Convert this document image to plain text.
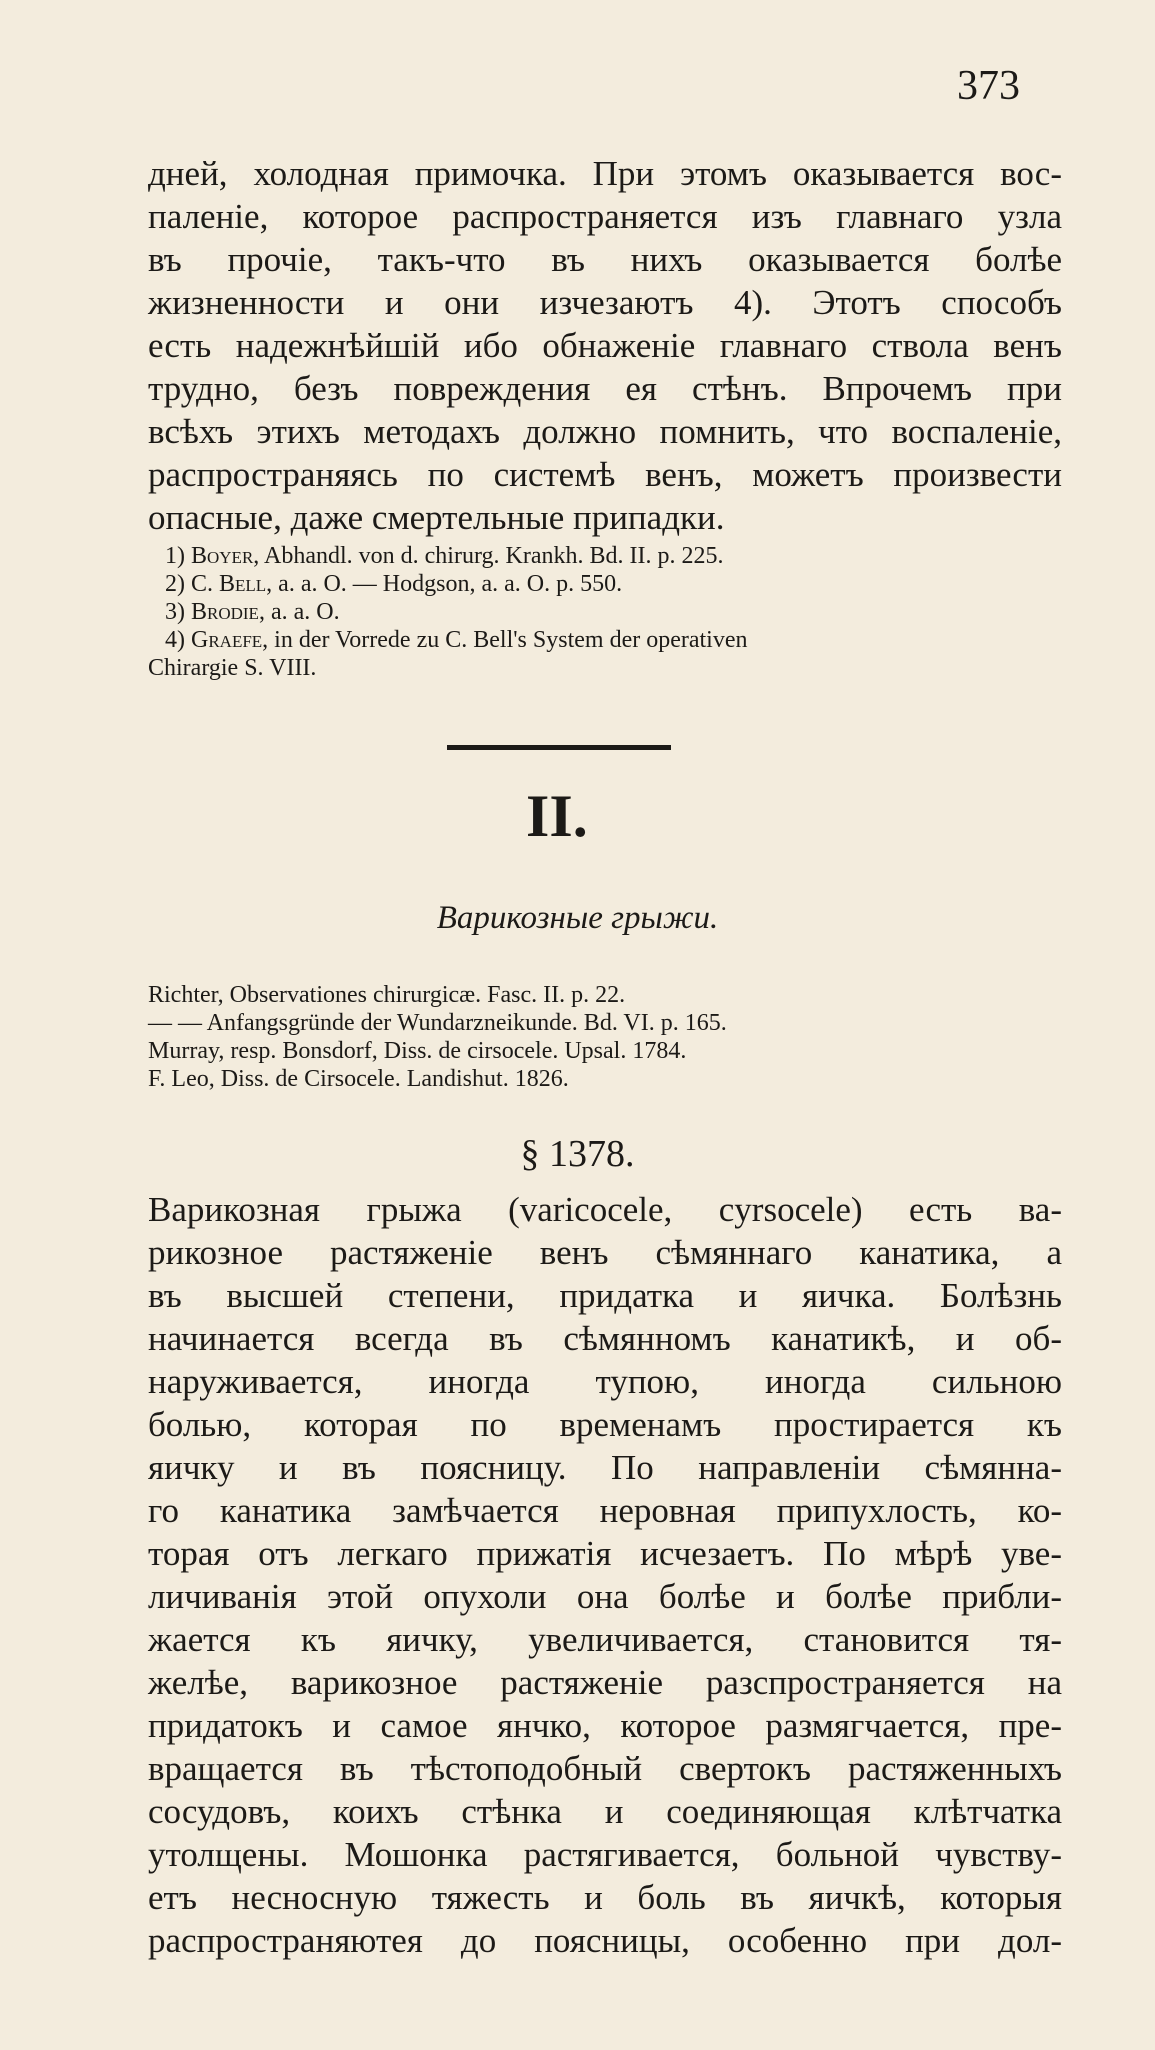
373
дней, холодная примочка. При этомъ оказывается вос-
паленіе, которое распространяется изъ главнаго узла
въ прочіе, такъ-что въ нихъ оказывается болѣе
жизненности и они изчезаютъ 4). Этотъ способъ
есть надежнѣйшій ибо обнаженіе главнаго ствола венъ
трудно, безъ повреждения ея стѣнъ. Впрочемъ при
всѣхъ этихъ методахъ должно помнить, что воспаленіе,
распространяясь по системѣ венъ, можетъ произвести
опасные, даже смертельные припадки.
1) Boyer, Abhandl. von d. chirurg. Krankh. Bd. II. p. 225.
2) C. Bell, a. a. O. — Hodgson, a. a. O. p. 550.
3) Brodie, a. a. O.
4) Graefe, in der Vorrede zu C. Bell's System der operativen
Chirargie S. VIII.
II.
Варикозные грыжи.
Richter, Observationes chirurgicæ. Fasc. II. p. 22.
— — Anfangsgründe der Wundarzneikunde. Bd. VI. p. 165.
Murray, resp. Bonsdorf, Diss. de cirsocele. Upsal. 1784.
F. Leo, Diss. de Cirsocele. Landishut. 1826.
§ 1378.
Варикозная грыжа (varicocele, cyrsocele) есть ва-
рикозное растяженіе венъ сѣмяннаго канатика, а
въ высшей степени, придатка и яичка. Болѣзнь
начинается всегда въ сѣмянномъ канатикѣ, и об-
наруживается, иногда тупою, иногда сильною
болью, которая по временамъ простирается къ
яичку и въ поясницу. По направленіи сѣмянна-
го канатика замѣчается неровная припухлость, ко-
торая отъ легкаго прижатія исчезаетъ. По мѣрѣ уве-
личиванія этой опухоли она болѣе и болѣе прибли-
жается къ яичку, увеличивается, становится тя-
желѣе, варикозное растяженіе разспространяется на
придатокъ и самое янчко, которое размягчается, пре-
вращается въ тѣстоподобный свертокъ растяженныхъ
сосудовъ, коихъ стѣнка и соединяющая клѣтчатка
утолщены. Мошонка растягивается, больной чувству-
етъ несносную тяжесть и боль въ яичкѣ, которыя
распространяютея до поясницы, особенно при дол-
